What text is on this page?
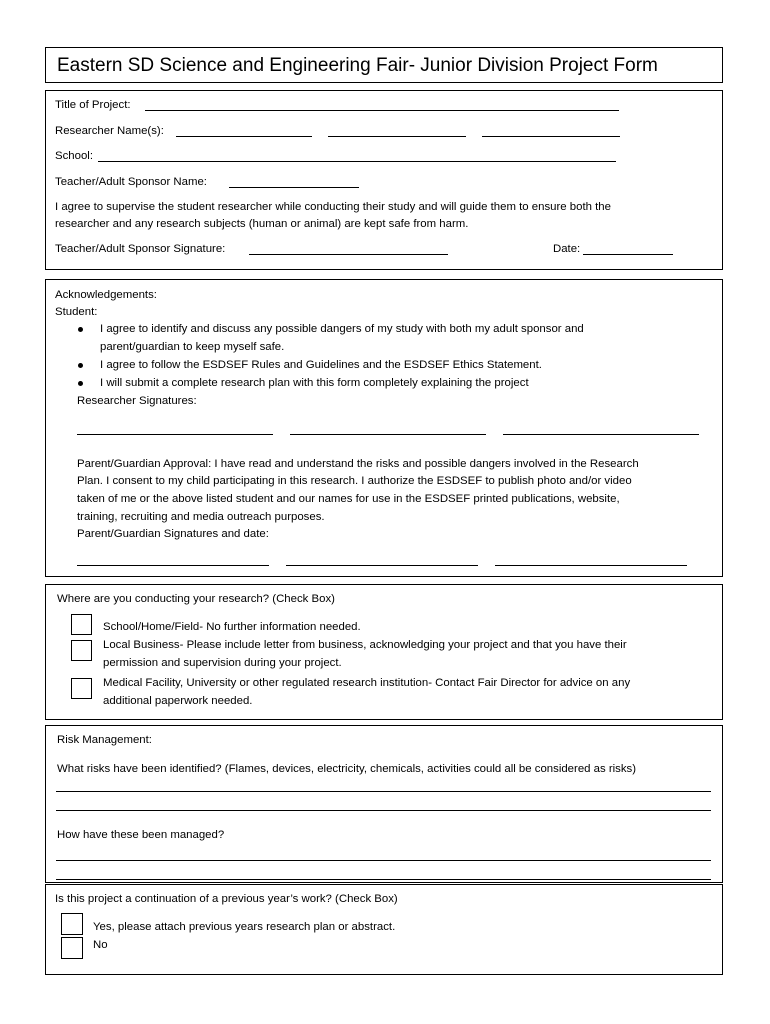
Eastern SD Science and Engineering Fair- Junior Division Project Form
Title of Project:
Researcher Name(s):
School:
Teacher/Adult Sponsor Name:
I agree to supervise the student researcher while conducting their study and will guide them to ensure both the
researcher and any research subjects (human or animal) are kept safe from harm.
Teacher/Adult Sponsor Signature:	Date:
Acknowledgements:
Student:
I agree to identify and discuss any possible dangers of my study with both my adult sponsor and
parent/guardian to keep myself safe.
I agree to follow the ESDSEF Rules and Guidelines and the ESDSEF Ethics Statement.
I will submit a complete research plan with this form completely explaining the project
Researcher Signatures:
Parent/Guardian Approval: I have read and understand the risks and possible dangers involved in the Research
Plan. I consent to my child participating in this research. I authorize the ESDSEF to publish photo and/or video
taken of me or the above listed student and our names for use in the ESDSEF printed publications, website,
training, recruiting and media outreach purposes.
Parent/Guardian Signatures and date:
Where are you conducting your research? (Check Box)
School/Home/Field- No further information needed.
Local Business- Please include letter from business, acknowledging your project and that you have their
permission and supervision during your project.
Medical Facility, University or other regulated research institution- Contact Fair Director for advice on any
additional paperwork needed.
Risk Management:
What risks have been identified? (Flames, devices, electricity, chemicals, activities could all be considered as risks)
How have these been managed?
Is this project a continuation of a previous year’s work? (Check Box)
Yes, please attach previous years research plan or abstract.
No
